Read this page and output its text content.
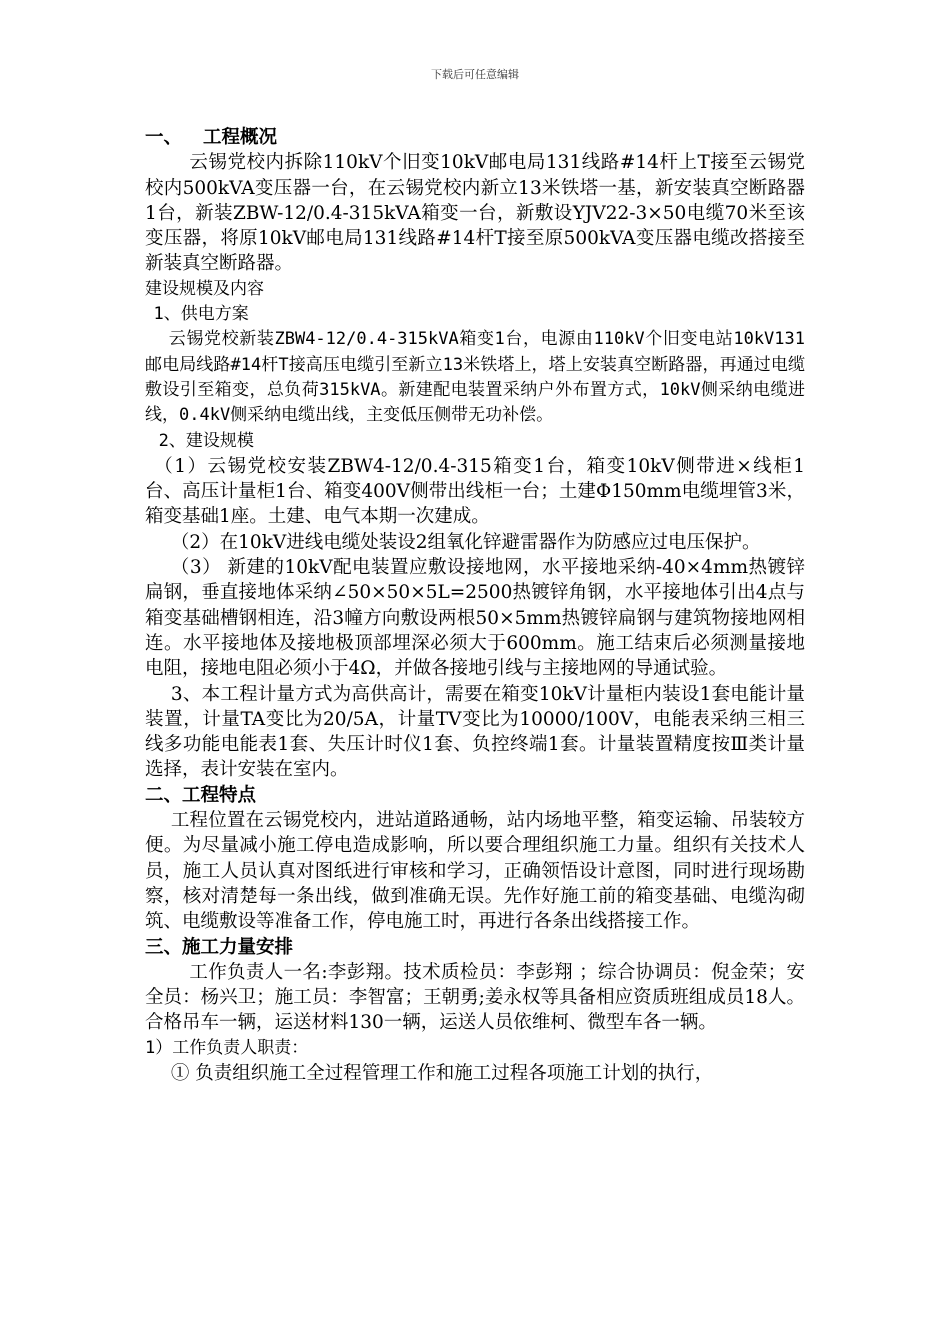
下载后可任意编辑

一、 工程概况

云锡党校内拆除110kV个旧变10kV邮电局131线路#14杆上T接至云锡党校内500kVA变压器一台，在云锡党校内新立13米铁塔一基，新安装真空断路器1台，新装ZBW-12/0.4-315kVA箱变一台，新敷设YJV22-3×50电缆70米至该变压器，将原10kV邮电局131线路#14杆T接至原500kVA变压器电缆改搭接至新装真空断路器。

建设规模及内容

1、供电方案

云锡党校新装ZBW4-12/0.4-315kVA箱变1台，电源由110kV个旧变电站10kV131邮电局线路#14杆T接高压电缆引至新立13米铁塔上，塔上安装真空断路器，再通过电缆敷设引至箱变，总负荷315kVA。新建配电装置采纳户外布置方式，10kV侧采纳电缆进线，0.4kV侧采纳电缆出线，主变低压侧带无功补偿。

2、建设规模

（1）云锡党校安装ZBW4-12/0.4-315箱变1台，箱变10kV侧带进×线柜1台、高压计量柜1台、箱变400V侧带出线柜一台；土建Φ150mm电缆埋管3米，箱变基础1座。土建、电气本期一次建成。

（2）在10kV进线电缆处装设2组氧化锌避雷器作为防感应过电压保护。

（3） 新建的10kV配电装置应敷设接地网，水平接地采纳-40×4mm热镀锌扁钢，垂直接地体采纳∠50×50×5L=2500热镀锌角钢，水平接地体引出4点与箱变基础槽钢相连，沿3幢方向敷设两根50×5mm热镀锌扁钢与建筑物接地网相连。水平接地体及接地极顶部埋深必须大于600mm。施工结束后必须测量接地电阻，接地电阻必须小于4Ω，并做各接地引线与主接地网的导通试验。

3、本工程计量方式为高供高计，需要在箱变10kV计量柜内装设1套电能计量装置，计量TA变比为20/5A，计量TV变比为10000/100V，电能表采纳三相三线多功能电能表1套、失压计时仪1套、负控终端1套。计量装置精度按Ⅲ类计量选择，表计安装在室内。

二、工程特点

工程位置在云锡党校内，进站道路通畅，站内场地平整，箱变运输、吊装较方便。为尽量减小施工停电造成影响，所以要合理组织施工力量。组织有关技术人员，施工人员认真对图纸进行审核和学习，正确领悟设计意图，同时进行现场勘察，核对清楚每一条出线，做到准确无误。先作好施工前的箱变基础、电缆沟砌筑、电缆敷设等准备工作，停电施工时，再进行各条出线搭接工作。

三、施工力量安排

工作负责人一名:李彭翔。技术质检员：李彭翔 ；综合协调员：倪金荣；安全员：杨兴卫；施工员：李智富；王朝勇;姜永权等具备相应资质班组成员18人。合格吊车一辆，运送材料130一辆，运送人员依维柯、微型车各一辆。

1）工作负责人职责：

① 负责组织施工全过程管理工作和施工过程各项施工计划的执行，
